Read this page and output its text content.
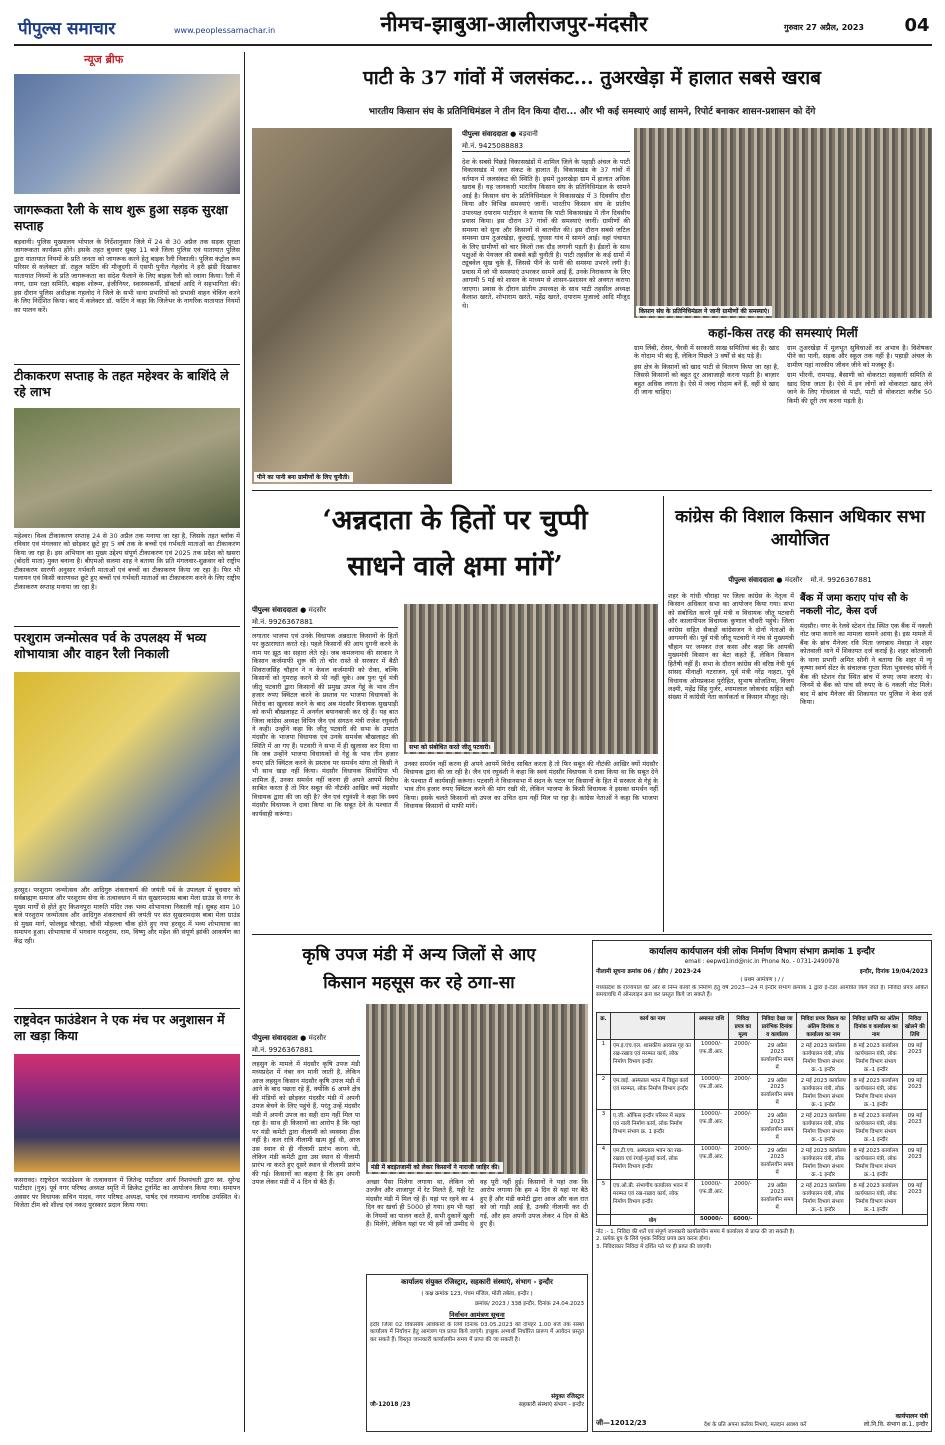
पीपुल्स समाचार	www.peoplessamachar.in	नीमच-झाबुआ-आलीराजपुर-मंदसौर	गुरुवार 27 अप्रैल, 2023 04
न्यूज ब्रीफ
जागरूकता रैली के साथ शुरू हुआ सड़क सुरक्षा सप्ताह
बड़वानी। पुलिस मुख्यालय भोपाल के निर्देशानुसार जिले में 24 से 30 अप्रैल तक सड़क सुरक्षा जागरूकता कार्यक्रम होंगे। इसके तहत बुधवार सुबह 11 बजे जिला पुलिस एवं यातायात पुलिस द्वारा यातायात नियमों के प्रति जनता को जागरूक करने हेतु बाइक रैली निकाली। पुलिस कंट्रोल रूम परिसर से कलेक्टर डॉ. राहुल फटिंग की मौजूदगी में एसपी पुनीत गेहलोद ने हरी झंडी दिखाकर यातायात नियमों के प्रति जागरूकता का संदेश फैलाने के लिए बाइक रैली को रवाना किया। रैली में नगर, ग्राम रक्षा समिति, बाइक शोरूम, इंजीनियर, स्वास्थ्यकर्मी, डॉक्टर्स आदि ने सहभागिता की। इस दौरान पुलिस अधीक्षक गहलोद ने जिले के सभी थाना प्रभारियों को प्रभावी वाहन चेकिंग करने के लिए निर्देशित किया। बाद में कलेक्टर डॉ. फटिंग ने कहा कि जिलेभर के नागरिक यातायात नियमों का पालन करें।
टीकाकरण सप्ताह के तहत महेश्वर के बाशिंदे ले रहे लाभ
महेश्वर। विश्व टीकाकरण सप्ताह 24 से 30 अप्रैल तक मनाया जा रहा है, जिसके तहत ब्लॉक में रविवार एवं मंगलवार को छोड़कर छूटे हुए 5 वर्ष तक के बच्चों एवं गर्भवती माताओं का टीकाकरण किया जा रहा है। इस अभियान का मुख्य उद्देश्य संपूर्ण टीकाकरण एवं 2025 तक प्रदेश को खसरा (बोदरी माता) मुक्त बनाना है। बीएमओ सलमा शाह ने बताया कि प्रति मंगलवार-शुक्रवार को राष्ट्रीय टीकाकरण सारणी अनुसार गर्भवती माताओं एवं बच्चों का टीकाकरण किया जा रहा है। फिर भी पलायन एवं किसी कारणवश छूटे हुए बच्चों एवं गर्भवती माताओं का टीकाकरण करने के लिए राष्ट्रीय टीकाकरण सप्ताह मनाया जा रहा है।
परशुराम जन्मोत्सव पर्व के उपलक्ष्य में भव्य शोभायात्रा और वाहन रैली निकाली
हरसूद। परशुराम जन्मोत्सव और आदिगुरु शंकराचार्य की जयंती पर्व के उपलक्ष्य में बुधवार को सर्वब्राह्मण समाज और परशुराम सेना के तत्वावधान में संत सुखरामदास बाबा मेला ग्राउंड से नगर के मुख्य मार्गों से होते हुए किशनपुरा मारुति मंदिर तक भव्य शोभायात्रा निकाली गई। सुबह शाम 10 बजे परशुराम जन्मोत्सव और आदिगुरु शंकराचार्य की जयंती पर संत सुखरामदास बाबा मेला ग्राउंड से मुख्य मार्ग, फोलवुड चौराहा, चौथी मोहल्ला चौक होते हुए नया हरसूद में भव्य शोभायात्रा का समापन हुआ। शोभायात्रा में भगवान परशुराम, राम, विष्णु और महेश की संपूर्ण झांकी आकर्षण का केंद्र रही।
राष्ट्रवेदन फाउंडेशन ने एक मंच पर अनुशासन में ला खड़ा किया
कसरावद। राष्ट्रवेदन फाउंडेशन के तत्वावधान में जितेन्द्र पाटीदार आर्य निशपंचती द्वारा स्व. सुरेन्द्र पाटीदार (गुरु) पूर्व नगर परिषद अध्यक्ष स्मृति में क्रिकेट टूर्नामेंट का आयोजन किया गया। समापन अवसर पर विधायक सचिन यादव, नगर परिषद अध्यक्ष, पार्षद एवं गणमान्य नागरिक उपस्थित थे। विजेता टीम को शील्ड एवं नकद पुरस्कार प्रदान किया गया।
पाटी के 37 गांवों में जलसंकट... तुअरखेड़ा में हालात सबसे खराब
भारतीय किसान संघ के प्रतिनिधिमंडल ने तीन दिन किया दौरा... और भी कई समस्याएं आईं सामने, रिपोर्ट बनाकर शासन-प्रशासन को देंगे
पीने का पानी बना ग्रामीणों के लिए चुनौती।
पीपुल्स संवाददाता ● बड़वानी
मो.नं. 9425088883
देश के सबसे पिछड़े विकासखंडों में शामिल जिले के पहाड़ी अंचल के पाटी विकासखंड में जल संकट के हालात हैं। विकासखंड के 37 गांवों में वर्तमान में जलसंकट की स्थिति है। इसमें तुअरखेड़ा ग्राम में हालात अधिक खराब हैं। यह जानकारी भारतीय किसान संघ के प्रतिनिधिमंडल के सामने आई है। किसान संघ के प्रतिनिधिमंडल ने विकासखंड में 3 दिवसीय दौरा किया और विभिन्न समस्याएं जानीं। भारतीय किसान संघ के प्रांतीय उपाध्यक्ष दयाराम पाटीदार ने बताया कि पाटी विकासखंड में तीन दिवसीय प्रवास किया। इस दौरान 37 गांवों की समस्याएं जानीं। ग्रामीणों की समस्या को सुना और किसानों से बातचीत की। इस दौरान सबसे जटिल समस्या ग्राम तुअरखेड़ा, कुल्दाई, घुघसा गांव में सामने आई। वहां पंचायत के लिए ग्रामीणों को चार किलो तक दौड़ लगानी पड़ती है। ईंडारों के साथ पक्षुओं के पेयजल की सबसे बड़ी चुनौती है। पाटी तहसील के कई ग्रामों में ट्यूबवेल सूख चुके हैं, जिससे पीने के पानी की समस्या उभरने लगी है। प्रवास में जो भी समस्याएं उभरकर सामने आई हैं, उनके निराकरण के लिए आगामी 5 मई को शासन के माध्यम से शासन-प्रशासन को अवगत कराया जाएगा। प्रवास के दौरान प्रांतीय उपाध्यक्ष के साथ पाटी तहसील अध्यक्ष कैलाश खरते, शोभाराम खरते, महेंद्र खरते, दयाराम मुजाल्दे आदि मौजूद थे।
किसान संघ के प्रतिनिधिमंडल ने जानी ग्रामीणों की समस्याएं।
कहां-किस तरह की समस्याएं मिलीं

ग्राम लिंबी, रोसर, चैरवी में सरकारी साख समितियां बंद हैं। खाद के गोदाम भी बंद हैं, लेकिन पिछले 3 वर्षों से बंद पड़े हैं।

इस क्षेत्र के किसानों को खाद पाटी से वितरण किया जा रहा है, जिससे किसानों को बहुत दूर आवाजाही करना पड़ती है। बाज़ार बहुत अधिक लगता है। ऐसे में जल्द गोदाम बनें हैं, वहीं से खाद दी जाना चाहिए।

ग्राम तुअरखेड़ा में मूलभूत सुविधाओं का अभाव है। विशेषकर पीने का पानी, सड़क और स्कूल तक नहीं है। पहाड़ी अंचल के ग्रामीण यहां नारकीय जीवन जीने को मजबूर हैं।

ग्राम भीरनी, रामपाड़, बैसाणी को वोकराटा सहकारी समिति से खाद दिया जाता है। ऐसे में इन लोगों को वोकराटा खाद लेने जाने के लिए गोधवाल से पाटी, पाटी से वोकराटा करीब 50 किमी की दूरी तय करना पड़ती है।

‘अन्नदाता के हितों पर चुप्पी
साधने वाले क्षमा मांगें’
पीपुल्स संवाददाता ● मंदसौर
मो.नं. 9926367881
लगातार भाजपा एवं उनके विधायक अन्नदाता किसानों के हितों पर कुठाराघात करते रहे। पहले किसानों की आय दुगनी करने के नाम पर झूठ का सहारा लेते रहे। जब कमलनाथ की सरकार ने किसान कर्जमाफी शुरू की तो चोर रास्ते से सरकार में बैठी शिवराजसिंह चौहान ने न केवल कर्जमाफी को रोका, बल्कि किसानों को गुमराह करने से भी नहीं चूके। अब पुनः पूर्व मंत्री जीतू पटवारी द्वारा किसानों की प्रमुख उपज गेहूं के भाव तीन हजार रुपए क्विंटल करने के प्रस्ताव पर भाजपा विधायकों के विरोध का खुलासा करने के बाद अब मंदसौर विधायक सुखपाड़ी को कभी बौखलाहट में अनर्गल बयानबाजी कर रहे हैं। यह बात जिला कांग्रेस अध्यक्ष विपिन जैन एवं संगठन मंत्री राजेश रघुवंशी ने कही। उन्होंने कहा कि जीतू पटवारी की सभा के उपरांत मंदसौर के भाजपा विधायक एवं उनके समर्थक बौखलाहट की स्थिति में आ गए हैं। पटवारी ने सभा में ही खुलासा कर दिया था कि जब उन्होंने भाजपा विधायकों से गेहूं के भाव तीन हजार रुपए प्रति क्विंटल करने के प्रस्ताव पर समर्थन मांगा तो किसी ने भी साथ खड़ा नहीं किया। मंदसौर विधायक सिसोदिया भी शामिल हैं, उनका समर्थन नहीं करना ही अपने आपमें विरोध साबित करता है तो फिर सबूत की नौटंकी आखिर क्यों मंदसौर विधायक द्वारा की जा रही है? जैन एवं रघुवंशी ने कहा कि स्वयं मंदसौर विधायक ने दावा किया था कि सबूत देने के पश्चात मैं कार्यवाही करूंगा।
सभा को संबोधित करते जीतू पटवारी।
उनका समर्थन नहीं करना ही अपने आपमें विरोध साबित करता है तो फिर सबूत की नौटंकी आखिर क्यों मंदसौर विधायक द्वारा की जा रही है। जैन एवं रघुवंशी ने कहा कि स्वयं मंदसौर विधायक ने दावा किया था कि सबूत देने के पश्चात मैं कार्यवाही करूंगा। पटवारी ने विधानसभा में सदन के पटल पर किसानों के हित में सरकार से गेहूं के भाव तीन हजार रुपए क्विंटल करने की मांग रखी थी, लेकिन भाजपा के किसी विधायक ने इसका समर्थन नहीं किया। इसके चलते किसानों को उपज का उचित दाम नहीं मिल पा रहा है। कांग्रेस नेताओं ने कहा कि भाजपा विधायक किसानों से माफी मांगें।
कांग्रेस की विशाल किसान अधिकार सभा आयोजित
पीपुल्स संवाददाता ● मंदसौर मो.नं. 9926367881
शहर के गांधी चौराहा पर जिला कांग्रेस के नेतृत्व में किसान अधिकार सभा का आयोजन किया गया। सभा को संबोधित करने पूर्व मंत्री व विधायक जीतू पटवारी और कालापीपल विधायक कुणाल चौधरी पहुंचे। जिला कांग्रेस सहित सैकड़ों कांग्रेसजन ने दोनों नेताओं के आगमनी की। पूर्व मंत्री जीतू पटवारी ने मंच से मुख्यमंत्री चौहान पर जमकर तंज कसा और कहा कि आपकी मुख्यमंत्री किसान का बेटा कहते हैं, लेकिन किसान हितैषी नहीं हैं। सभा के दौरान कांग्रेस की वरिष्ठ नेत्री पूर्व सांसद मीनाक्षी नटराजन, पूर्व मंत्री नरेंद्र नाहटा, पूर्व विधायक ओमप्रकाश पुरोहित, सुभाष सोजतिया, विजय लक्ष्मी, महेंद्र सिंह गुर्जर, श्यामलाल जोकचंद सहित बड़ी संख्या में कांग्रेसी नेता कार्यकर्ता व किसान मौजूद रहे।
बैंक में जमा कराए पांच सौ के नकली नोट, केस दर्ज
मंदसौर। नगर के रेलवे स्टेशन रोड स्थित एक बैंक में नकली नोट जमा कराने का मामला सामने आया है। इस मामले में बैंक के ब्रांच मैनेजर रवि पिता जगन्नाथ मेवाड़ा ने शहर कोतवाली थाने में शिकायत दर्ज कराई है। शहर कोतवाली के थाना प्रभारी अमित सोनी ने बताया कि शहर में न्यू कृष्णा स्वर्ण सेंटर के संचालक गुप्ता पिता भुवनचंद सोनी ने बैंक की स्टेशन रोड स्थित ब्रांच में रुपए जमा कराए थे। जिनमें से बैंक को पांच सौ रुपए के 6 नकली नोट मिले। बाद में ब्रांच मैनेजर की शिकायत पर पुलिस ने केस दर्ज किया।
कृषि उपज मंडी में अन्य जिलों से आए
किसान महसूस कर रहे ठगा-सा
पीपुल्स संवाददाता ● मंदसौर
मो.नं. 9926367881
लहसुन के मामले में मंदसौर कृषि उपज मंडी मध्यप्रदेश में नंबर वन मानी जाती है, लेकिन आज लहसुन किसान मंदसौर कृषि उपज मंडी में आने के बाद पछता रहे हैं, क्योंकि 6 अपने क्षेत्र की मंडियों को छोड़कर मंदसौर मंडी में अपनी उपज बेचने के लिए पहुंचे हैं, परंतु उन्हें मंदसौर मंडी में अपनी उपज का सही दाम नहीं मिल पा रहा है। साथ ही किसानों का आरोप है कि यहां पर मंडी कमेटी द्वारा नीलामी को व्यवस्था ठीक नहीं है। कल रात्रि नीलामी खत्म हुई थी, आज उस स्थान से ही नीलामी प्रारंभ करना थी, लेकिन मंडी कमेटी द्वारा उस स्थान से नीलामी प्रारंभ ना करते हुए दूसरे स्थान से नीलामी प्रारंभ की गई। किसानों का कहना है कि हम अपनी उपज लेकर मंडी में 4 दिन से बैठे हैं।
मंडी में बदइंतजामी को लेकर किसानों ने नाराजी जाहिर की।
अच्छा पैसा मिलेगा लगाया था, लेकिन जो उज्जैन और शाजापुर में रेट मिलते हैं, यही रेट मंदसौर मंडी में मिल रहे हैं। यहां पर रहने का 4 दिन का खर्चा ही 5000 हो गया। हम भी यहां के नियमों का पालन करते हैं, सभी दुकानें खुली हैं। मिलेंगे, लेकिन यहां पर भी हमें जो उम्मीद थे वह पूरी नहीं हुई। किसानों ने यहां तक कि आरोप लगाया कि हम 4 दिन से यहां पर बैठे हुए हैं और मंडी कमेटी द्वारा आज और कल रात को जो गाड़ी आई है, उनकी नीलामी कर दी गई, और हम अपनी उपज लेकर 4 दिन से बैठे हुए हैं।
कार्यालय संयुक्त रजिस्ट्रार, सहकारी संस्थाएं, संभाग - इन्दौर
( कक्ष क्रमांक 123, पंचम मंजिल, मोती तबेला, इन्दौर )
क्रमांक/ 2023 / 338 इन्दौर, दिनांक 24.04.2023
निर्वाचन आमंत्रण सूचना
इंदौर जिला 02 विकासीय अधिकारों के लिये दिनांक 03.05.2023 को दोपहर 1.00 बजे तक संस्था कार्यालय में निर्वाचन हेतु आमंत्रण पत्र प्राप्त किये जाएंगे। इच्छुक अभ्यर्थी निर्धारित प्रारूप में आवेदन प्रस्तुत कर सकते हैं। विस्तृत जानकारी कार्यालयीन समय में प्राप्त की जा सकती है।
जी-12018 /23
संयुक्त रजिस्ट्रार
सहकारी संस्थाएं संभाग - इन्दौर
कार्यालय कार्यपालन यंत्री लोक निर्माण विभाग संभाग क्रमांक 1 इन्दौर
email : eepwd1ind@nic.in Phone No. - 0731-2490978
नीलामी सूचना क्रमांक 06 / ईडीए / 2023-24	इन्दौर, दिनांक 19/04/2023
( प्रथम आमंत्रण ) / /
मध्यप्रदेश के राज्यपाल की ओर से निम्न कार्यों के निर्माण हेतु वर्ष 2023—24 में इन्दौर संभाग क्रमांक 1 द्वारा ई-टेंडर आमंत्रित किये जाते हैं। निविदा प्रपत्र अंकित समयावधि में ऑनलाइन क्रय कर प्रस्तुत किये जा सकते हैं।
क्र.	कार्य का नाम	अमानत राशि	निविदा प्रपत्र का मूल्य	निविदा देखा जा प्रारंभिक दिनांक व कार्यालय	निविदा प्रपत्र विक्रय का अंतिम दिनांक व कार्यालय का नाम	निविदा प्राप्ति का अंतिम दिनांक व कार्यालय का नाम	निविदा खोलने की तिथि
1	एम.इ.एच.एल. शासकीय आवास गृह का रख-रखाव एवं मरम्मत कार्य, लोक निर्माण विभाग इन्दौर	10000/- एफ.डी.आर.	2000/-	29 अप्रैल 2023 कार्यालयीन समय में	2 मई 2023 कार्यालय कार्यपालन यंत्री, लोक निर्माण विभाग संभाग क्र.-1 इन्दौर	8 मई 2023 कार्यालय कार्यपालन यंत्री, लोक निर्माण विभाग संभाग क्र.-1 इन्दौर	09 मई 2023
2	एम.वाई. अस्पताल भवन में विद्युत कार्य एवं मरम्मत, लोक निर्माण विभाग इन्दौर	10000/- एफ.डी.आर.	2000/-	29 अप्रैल 2023 कार्यालयीन समय में	2 मई 2023 कार्यालय कार्यपालन यंत्री, लोक निर्माण विभाग संभाग क्र.-1 इन्दौर	8 मई 2023 कार्यालय कार्यपालन यंत्री, लोक निर्माण विभाग संभाग क्र.-1 इन्दौर	09 मई 2023
3	ए.जी. ऑफिस इन्दौर परिसर में सड़क एवं नाली निर्माण कार्य, लोक निर्माण विभाग संभाग क्र. 1 इन्दौर	10000/- एफ.डी.आर.	2000/-	29 अप्रैल 2023 कार्यालयीन समय में	2 मई 2023 कार्यालय कार्यपालन यंत्री, लोक निर्माण विभाग संभाग क्र.-1 इन्दौर	8 मई 2023 कार्यालय कार्यपालन यंत्री, लोक निर्माण विभाग संभाग क्र.-1 इन्दौर	09 मई 2023
4	एम.टी.एच. अस्पताल भवन का रख-रखाव एवं रंगाई-पुताई कार्य, लोक निर्माण विभाग इन्दौर	10000/- एफ.डी.आर.	2000/-	29 अप्रैल 2023 कार्यालयीन समय में	2 मई 2023 कार्यालय कार्यपालन यंत्री, लोक निर्माण विभाग संभाग क्र.-1 इन्दौर	8 मई 2023 कार्यालय कार्यपालन यंत्री, लोक निर्माण विभाग संभाग क्र.-1 इन्दौर	09 मई 2023
5	एच.ओ.बी. संभागीय कार्यालय भवन में मरम्मत एवं रख-रखाव कार्य, लोक निर्माण विभाग इन्दौर	10000/- एफ.डी.आर.	2000/-	29 अप्रैल 2023 कार्यालयीन समय में	2 मई 2023 कार्यालय कार्यपालन यंत्री, लोक निर्माण विभाग संभाग क्र.-1 इन्दौर	8 मई 2023 कार्यालय कार्यपालन यंत्री, लोक निर्माण विभाग संभाग क्र.-1 इन्दौर	09 मई 2023
	योग	50000/-	6000/-				
नोट :- 1. निविदा की शर्तें एवं संपूर्ण जानकारी कार्यालयीन समय में कार्यालय से प्राप्त की जा सकती है।
2. प्रत्येक ग्रुप के लिये पृथक निविदा प्रपत्र क्रय करना होगा।
3. निविदाकार निविदा में दर्शित पते पर ही प्राप्त की जाएगी।
जी—12012/23	देश के प्रति अपना कर्तव्य निभाएं, मतदान अवश्य करें
कार्यपालन यंत्री
लो.नि.वि. संभाग क्र.1, इन्दौर
